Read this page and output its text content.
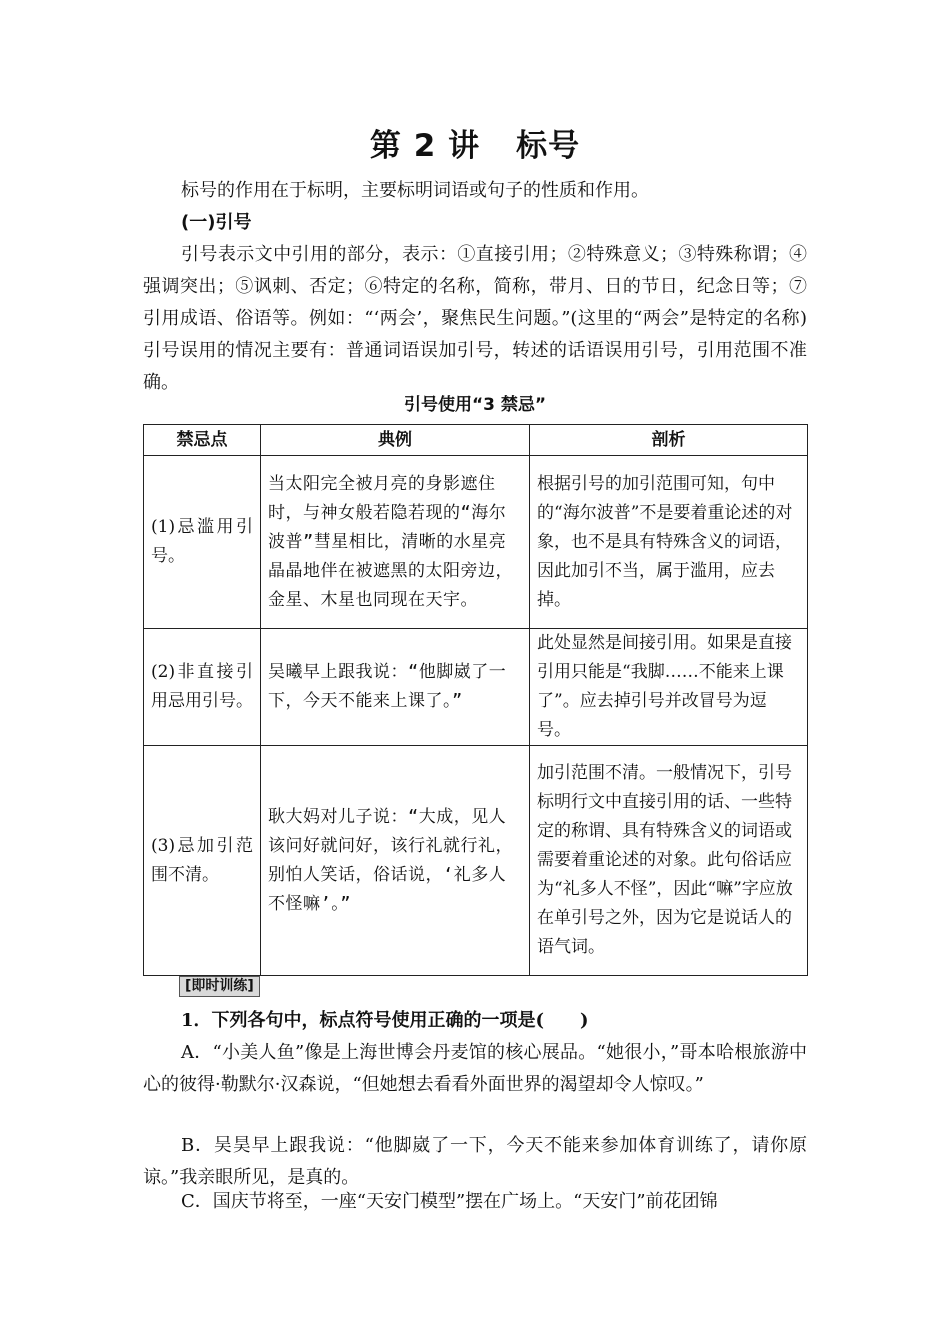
第 2 讲 标号

标号的作用在于标明，主要标明词语或句子的性质和作用。

(一)引号

引号表示文中引用的部分，表示：①直接引用；②特殊意义；③特殊称谓；④强调突出；⑤讽刺、否定；⑥特定的名称，简称，带月、日的节日，纪念日等；⑦引用成语、俗语等。例如：“‘两会’，聚焦民生问题。”(这里的“两会”是特定的名称)引号误用的情况主要有：普通词语误加引号，转述的话语误用引号，引用范围不准确。

引号使用“3 禁忌”
禁忌点	典例	剖析
(1)忌滥用引号。	当太阳完全被月亮的身影遮住时，与神女般若隐若现的“海尔波普”彗星相比，清晰的水星亮晶晶地伴在被遮黑的太阳旁边，金星、木星也同现在天宇。	根据引号的加引范围可知，句中的“海尔波普”不是要着重论述的对象，也不是具有特殊含义的词语，因此加引不当，属于滥用，应去掉。
(2)非直接引用忌用引号。	吴曦早上跟我说：“他脚崴了一下，今天不能来上课了。”	此处显然是间接引用。如果是直接引用只能是“我脚……不能来上课了”。应去掉引号并改冒号为逗号。
(3)忌加引范围不清。	耿大妈对儿子说：“大成，见人该问好就问好，该行礼就行礼，别怕人笑话，俗话说，‘礼多人不怪嘛’。”	加引范围不清。一般情况下，引号标明行文中直接引用的话、一些特定的称谓、具有特殊含义的词语或需要着重论述的对象。此句俗话应为“礼多人不怪”，因此“嘛”字应放在单引号之外，因为它是说话人的语气词。
[即时训练]

1．下列各句中，标点符号使用正确的一项是(　　)

A．“小美人鱼”像是上海世博会丹麦馆的核心展品。“她很小，”哥本哈根旅游中心的彼得·勒默尔·汉森说，“但她想去看看外面世界的渴望却令人惊叹。”

B．吴昊早上跟我说：“他脚崴了一下，今天不能来参加体育训练了，请你原谅。”我亲眼所见，是真的。

C．国庆节将至，一座“天安门模型”摆在广场上。“天安门”前花团锦
